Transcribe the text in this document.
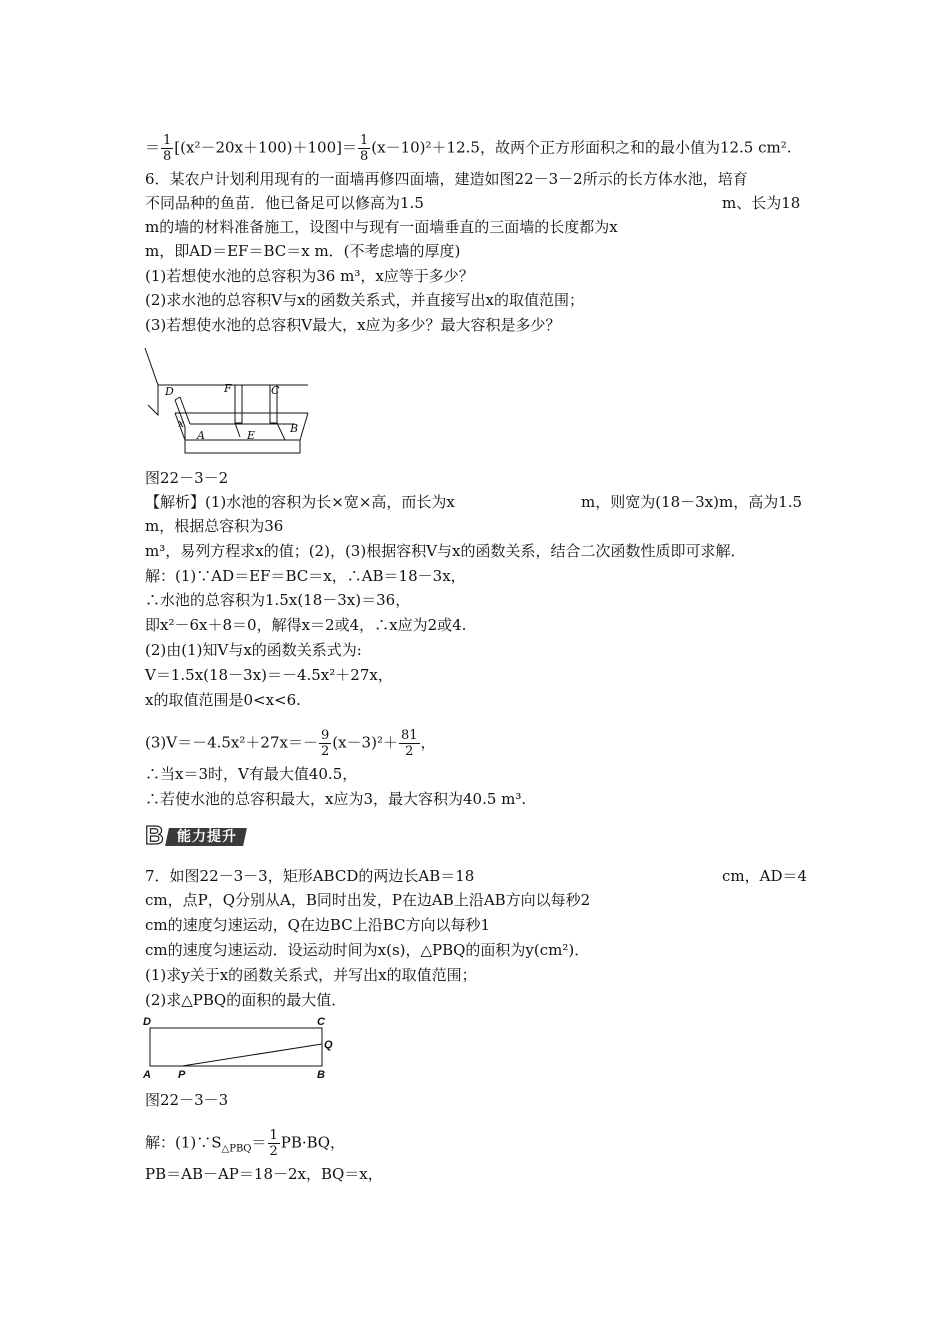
＝ $\frac{1}{8} [(x^2-20x+100)+100]= \frac{1}{8} (x-10)^2+12.5$，故两个正方形面积之和的最小值为12.5 cm².
6．某农户计划利用现有的一面墙再修四面墙，建造如图22－3－2所示的长方体水池，培育
不同品种的鱼苗．他已备足可以修高为1.5	m、长为18
m的墙的材料准备施工，设图中与现有一面墙垂直的三面墙的长度都为x
m，即AD＝EF＝BC＝x m．(不考虑墙的厚度)
(1)若想使水池的总容积为36 m³，x应等于多少？
(2)求水池的总容积V与x的函数关系式，并直接写出x的取值范围；
(3)若想使水池的总容积V最大，x应为多少？最大容积是多少？
D	F	C
x
A	E
B
图22－3－2
【解析】(1)水池的容积为长×宽×高，而长为x	m，则宽为(18－3x)m，高为1.5
m，根据总容积为36
m³，易列方程求x的值；(2)，(3)根据容积V与x的函数关系，结合二次函数性质即可求解．
解：(1)∵AD＝EF＝BC＝x，∴AB＝18－3x，
∴水池的总容积为1.5x(18－3x)＝36，
即x²－6x＋8＝0，解得x＝2或4，∴x应为2或4.
(2)由(1)知V与x的函数关系式为:
V＝1.5x(18－3x)＝－4.5x²＋27x，
x的取值范围是0<x<6.
$(3)V=-4.5x^2+27x=- \frac{9}{2} (x-3)^2+ \frac{81}{2}$ ，
∴当x＝3时，V有最大值40.5，
∴若使水池的总容积最大，x应为3，最大容积为40.5 m³.
B 能力提升
7．如图22－3－3，矩形ABCD的两边长AB＝18	cm，AD＝4
cm，点P，Q分别从A，B同时出发，P在边AB上沿AB方向以每秒2
cm的速度匀速运动，Q在边BC上沿BC方向以每秒1
cm的速度匀速运动．设运动时间为x(s)，△PBQ的面积为y(cm²)．
(1)求y关于x的函数关系式，并写出x的取值范围；
(2)求△PBQ的面积的最大值．
D	C
Q
A P	B
图22－3－3
解：$(1)\because S_{\triangle PBQ}= \frac{1}{2} PB\cdot BQ$，
PB＝AB－AP＝18－2x，BQ＝x，
